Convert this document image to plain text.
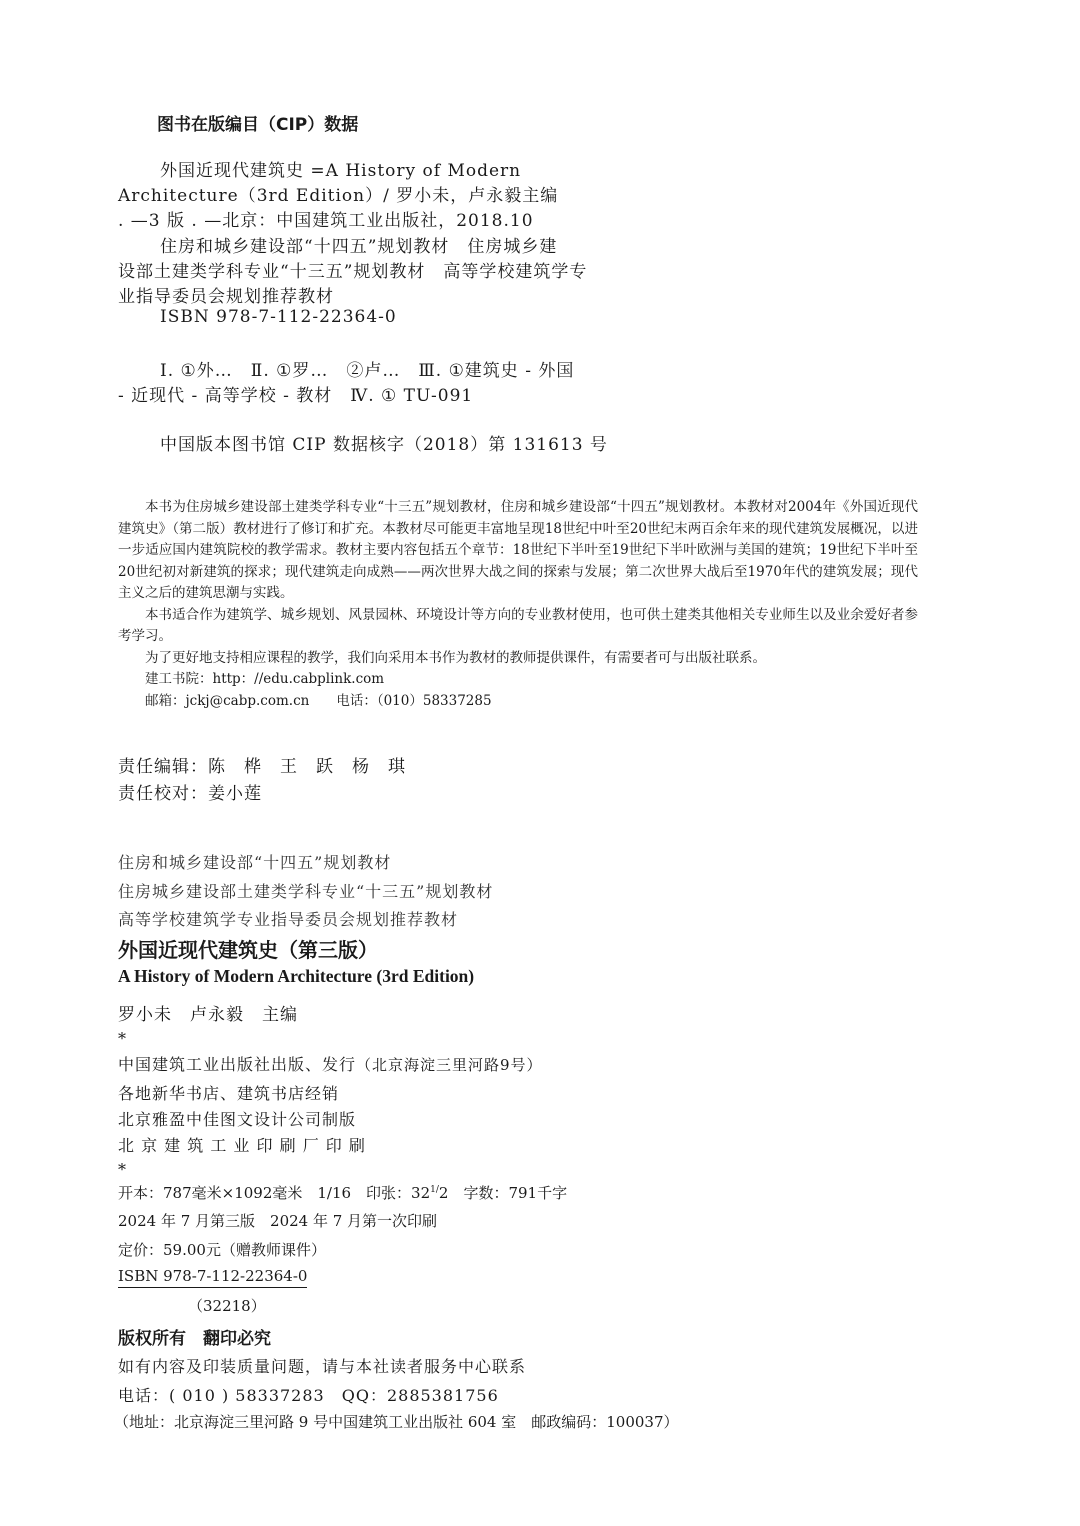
图书在版编目（CIP）数据
外国近现代建筑史 =A History of Modern
Architecture（3rd Edition）/ 罗小未，卢永毅主编
. —3 版 . —北京：中国建筑工业出版社，2018.10
住房和城乡建设部“十四五”规划教材　住房城乡建
设部土建类学科专业“十三五”规划教材　高等学校建筑学专
业指导委员会规划推荐教材
ISBN 978-7-112-22364-0
Ⅰ. ①外…　Ⅱ. ①罗…　②卢…　Ⅲ. ①建筑史 - 外国
- 近现代 - 高等学校 - 教材　Ⅳ. ① TU-091
中国版本图书馆 CIP 数据核字（2018）第 131613 号

本书为住房城乡建设部土建类学科专业“十三五”规划教材，住房和城乡建设部“十四五”规划教材。本教材对2004年《外国近现代建筑史》（第二版）教材进行了修订和扩充。本教材尽可能更丰富地呈现18世纪中叶至20世纪末两百余年来的现代建筑发展概况，以进一步适应国内建筑院校的教学需求。教材主要内容包括五个章节：18世纪下半叶至19世纪下半叶欧洲与美国的建筑；19世纪下半叶至20世纪初对新建筑的探求；现代建筑走向成熟——两次世界大战之间的探索与发展；第二次世界大战后至1970年代的建筑发展；现代主义之后的建筑思潮与实践。

本书适合作为建筑学、城乡规划、风景园林、环境设计等方向的专业教材使用，也可供土建类其他相关专业师生以及业余爱好者参考学习。

为了更好地支持相应课程的教学，我们向采用本书作为教材的教师提供课件，有需要者可与出版社联系。

建工书院：http：//edu.cabplink.com
邮箱：jckj@cabp.com.cn　　电话：（010）58337285
责任编辑：陈　桦　王　跃　杨　琪
责任校对：姜小莲
住房和城乡建设部“十四五”规划教材
住房城乡建设部土建类学科专业“十三五”规划教材
高等学校建筑学专业指导委员会规划推荐教材
外国近现代建筑史（第三版）
A History of Modern Architecture (3rd Edition)
罗小未　卢永毅　主编
*
中国建筑工业出版社出版、发行（北京海淀三里河路9号）
各地新华书店、建筑书店经销
北京雅盈中佳图文设计公司制版
北 京 建 筑 工 业 印 刷 厂 印 刷
*
开本：787毫米×1092毫米　1/16　印张：$32^{1/}2$　字数：791千字
2024 年 7 月第三版　2024 年 7 月第一次印刷
定价：59.00元（赠教师课件）
ISBN 978-7-112-22364-0
（32218）
版权所有　翻印必究
如有内容及印装质量问题，请与本社读者服务中心联系
电话：( 010 ) 58337283　QQ：2885381756
（地址：北京海淀三里河路 9 号中国建筑工业出版社 604 室　邮政编码：100037）
